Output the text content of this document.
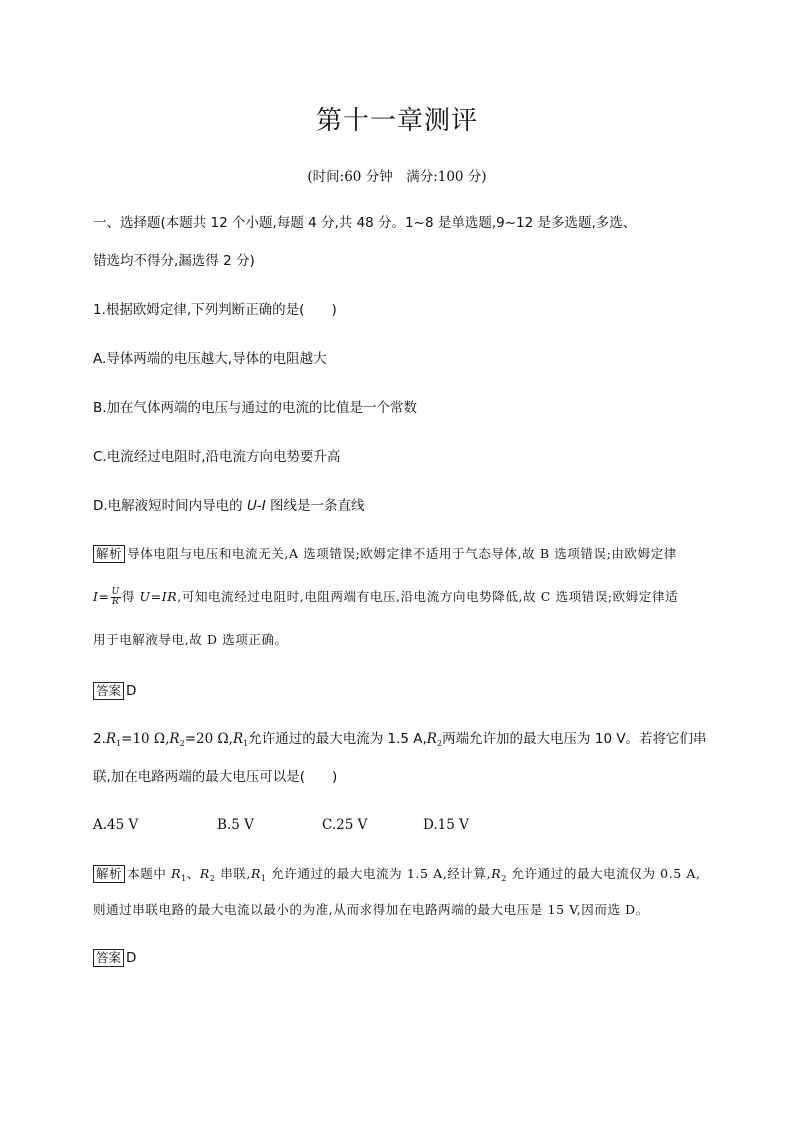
第十一章测评
(时间:60 分钟　满分:100 分)
一、选择题(本题共 12 个小题,每题 4 分,共 48 分。1~8 是单选题,9~12 是多选题,多选、
错选均不得分,漏选得 2 分)
1.根据欧姆定律,下列判断正确的是(　　)
A.导体两端的电压越大,导体的电阻越大
B.加在气体两端的电压与通过的电流的比值是一个常数
C.电流经过电阻时,沿电流方向电势要升高
D.电解液短时间内导电的 U-I 图线是一条直线
解析 导体电阻与电压和电流无关,A 选项错误;欧姆定律不适用于气态导体,故 B 选项错误;由欧姆定律
$I= \frac{U}{R}$ 得 U=IR,可知电流经过电阻时,电阻两端有电压,沿电流方向电势降低,故 C 选项错误;欧姆定律适
用于电解液导电,故 D 选项正确。
答案 D
$2.R_1=10$ $\Omega,R_2=20$ $\Omega,R_1$允许通过的最大电流为 1.5 $A,R_2$两端允许加的最大电压为 10 V。若将它们串
联,加在电路两端的最大电压可以是(　　)
A.45 V	B.5 V	C.25 V	D.15 V
解析 本题中 $R_1$、$R_2$ 串联$,R_1$ 允许通过的最大电流为 1.5 A,经计算$,R_2$ 允许通过的最大电流仅为 0.5 A,
则通过串联电路的最大电流以最小的为准,从而求得加在电路两端的最大电压是 15 V,因而选 D。
答案 D
